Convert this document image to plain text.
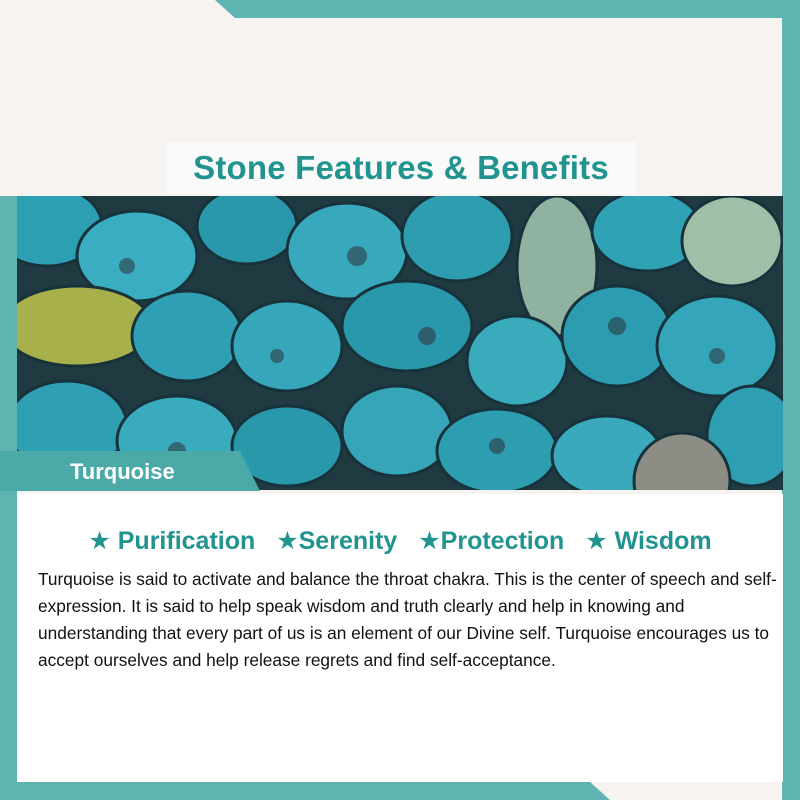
Stone Features & Benefits
Turquoise
★ Purification ★Serenity ★Protection ★ Wisdom
Turquoise is said to activate and balance the throat chakra. This is the center of speech and self-expression. It is said to help speak wisdom and truth clearly and help in knowing and understanding that every part of us is an element of our Divine self. Turquoise encourages us to accept ourselves and help release regrets and find self-acceptance.
